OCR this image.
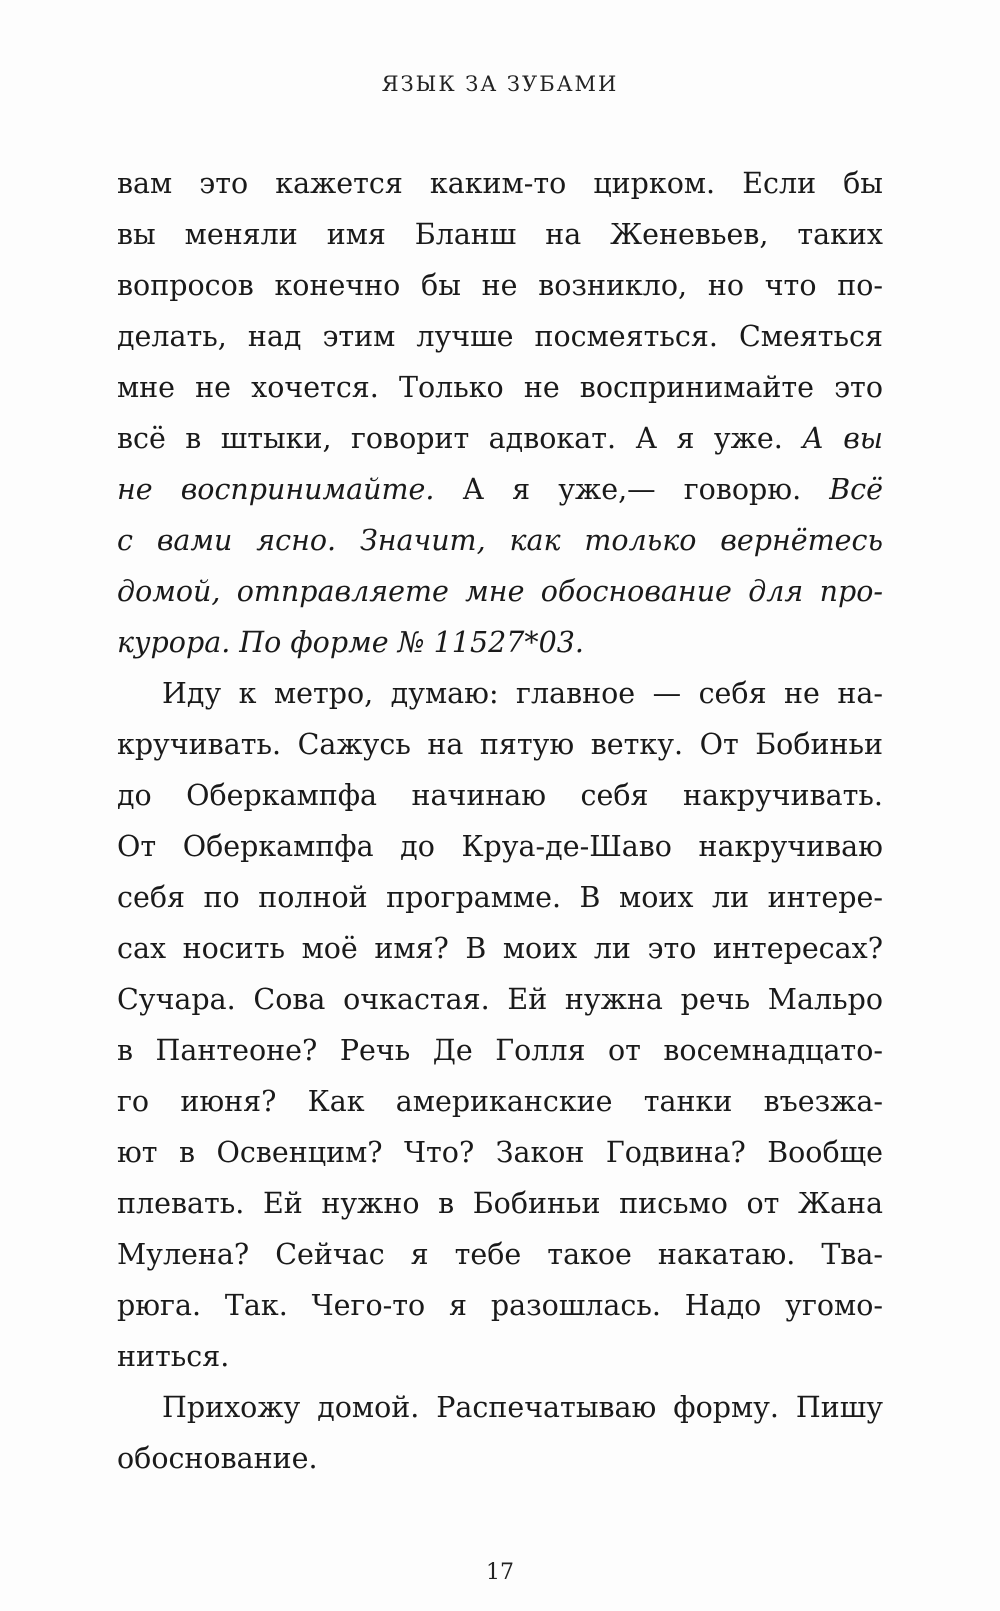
ЯЗЫК ЗА ЗУБАМИ
вам это кажется каким-то цирком. Если бы
вы меняли имя Бланш на Женевьев, таких
вопросов конечно бы не возникло, но что по-
делать, над этим лучше посмеяться. Смеяться
мне не хочется. Только не воспринимайте это
всё в штыки, говорит адвокат. А я уже. А вы
не воспринимайте. А я уже,— говорю. Всё
с вами ясно. Значит, как только вернётесь
домой, отправляете мне обоснование для про-
курора. По форме № 11527*03.
Иду к метро, думаю: главное — себя не на-
кручивать. Сажусь на пятую ветку. От Бобиньи
до Оберкампфа начинаю себя накручивать.
От Оберкампфа до Круа-де-Шаво накручиваю
себя по полной программе. В моих ли интере-
сах носить моё имя? В моих ли это интересах?
Сучара. Сова очкастая. Ей нужна речь Мальро
в Пантеоне? Речь Де Голля от восемнадцато-
го июня? Как американские танки въезжа-
ют в Освенцим? Что? Закон Годвина? Вообще
плевать. Ей нужно в Бобиньи письмо от Жана
Мулена? Сейчас я тебе такое накатаю. Тва-
рюга. Так. Чего-то я разошлась. Надо угомо-
ниться.
Прихожу домой. Распечатываю форму. Пишу
обоснование.
17
